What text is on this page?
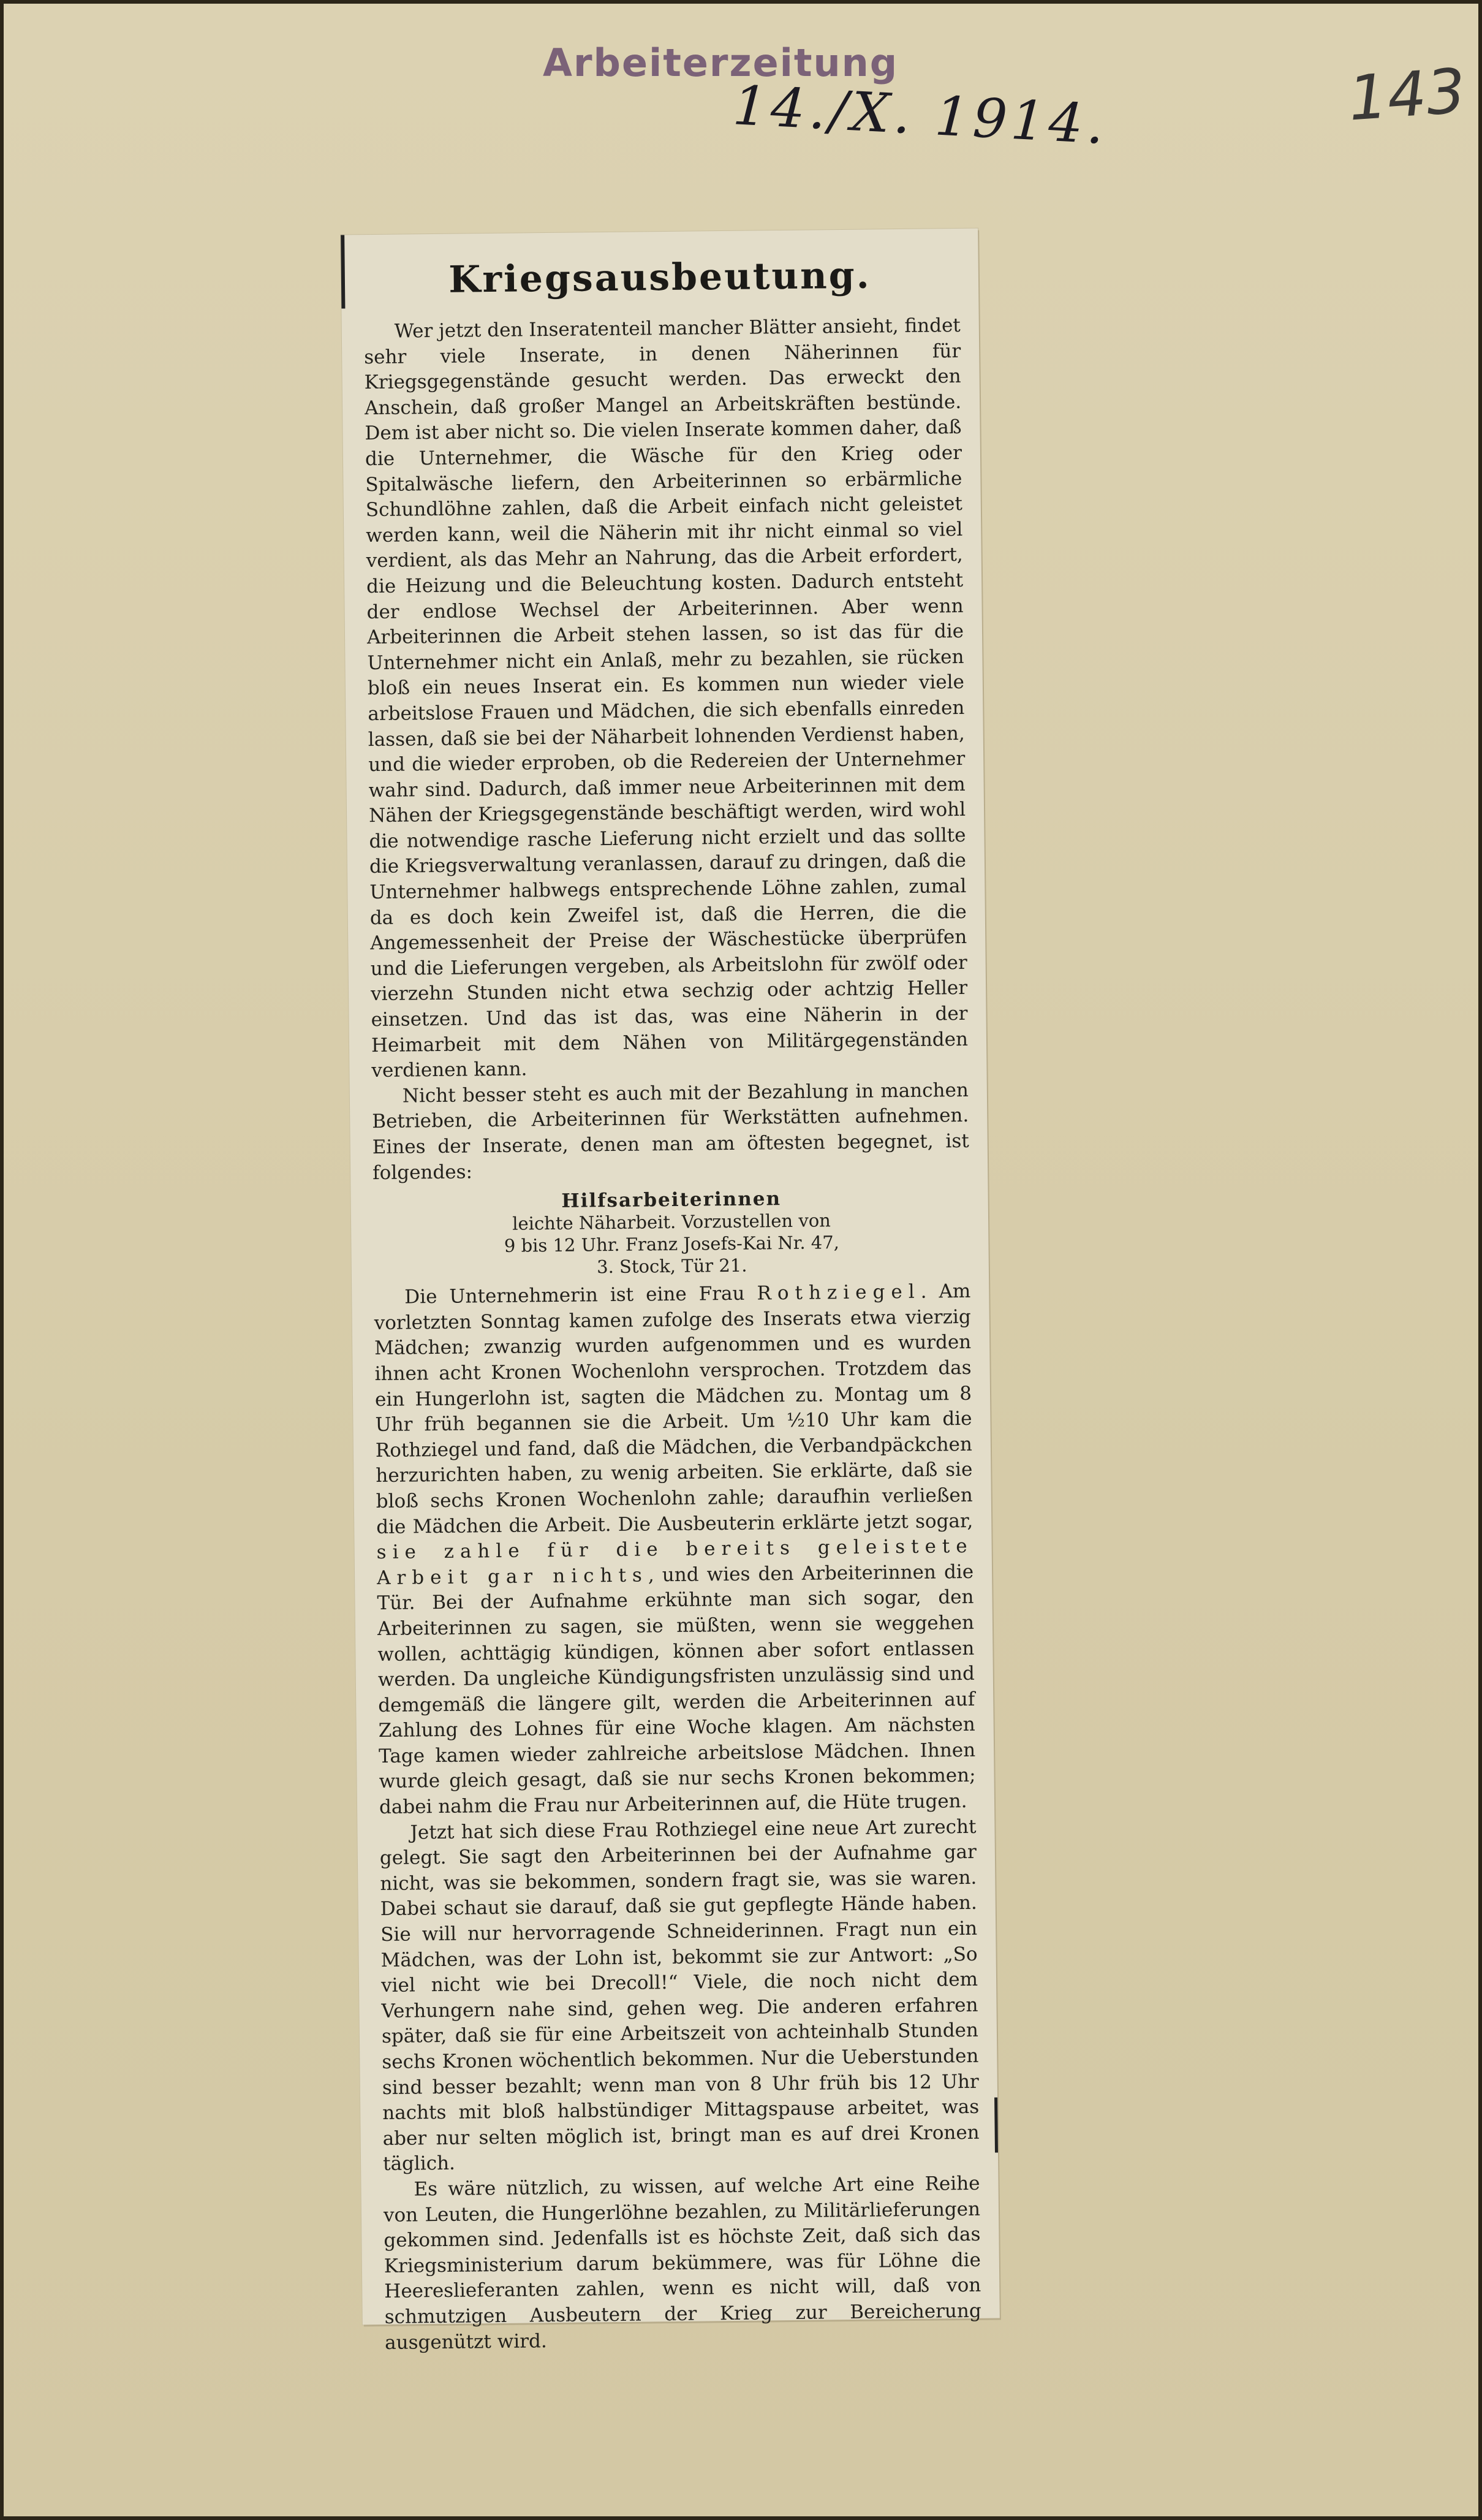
Arbeiterzeitung
14./X. 1914.	143
Kriegsausbeutung.

Wer jetzt den Inseratenteil mancher Blätter ansieht, findet sehr viele Inserate, in denen Näherinnen für Kriegsgegenstände gesucht werden. Das erweckt den Anschein, daß großer Mangel an Arbeitskräften bestünde. Dem ist aber nicht so. Die vielen Inserate kommen daher, daß die Unternehmer, die Wäsche für den Krieg oder Spitalwäsche liefern, den Arbeiterinnen so erbärmliche Schundlöhne zahlen, daß die Arbeit einfach nicht geleistet werden kann, weil die Näherin mit ihr nicht einmal so viel verdient, als das Mehr an Nahrung, das die Arbeit erfordert, die Heizung und die Beleuchtung kosten. Dadurch entsteht der endlose Wechsel der Arbeiterinnen. Aber wenn Arbeiterinnen die Arbeit stehen lassen, so ist das für die Unternehmer nicht ein Anlaß, mehr zu bezahlen, sie rücken bloß ein neues Inserat ein. Es kommen nun wieder viele arbeitslose Frauen und Mädchen, die sich ebenfalls einreden lassen, daß sie bei der Näharbeit lohnenden Verdienst haben, und die wieder erproben, ob die Redereien der Unternehmer wahr sind. Dadurch, daß immer neue Arbeiterinnen mit dem Nähen der Kriegsgegenstände beschäftigt werden, wird wohl die notwendige rasche Lieferung nicht erzielt und das sollte die Kriegsverwaltung veranlassen, darauf zu dringen, daß die Unternehmer halbwegs entsprechende Löhne zahlen, zumal da es doch kein Zweifel ist, daß die Herren, die die Angemessenheit der Preise der Wäschestücke überprüfen und die Lieferungen vergeben, als Arbeitslohn für zwölf oder vierzehn Stunden nicht etwa sechzig oder achtzig Heller einsetzen. Und das ist das, was eine Näherin in der Heimarbeit mit dem Nähen von Militärgegenständen verdienen kann.

Nicht besser steht es auch mit der Bezahlung in manchen Betrieben, die Arbeiterinnen für Werkstätten aufnehmen. Eines der Inserate, denen man am öftesten begegnet, ist folgendes:

Hilfsarbeiterinnen
leichte Näharbeit. Vorzustellen von
9 bis 12 Uhr. Franz Josefs-Kai Nr. 47,
3. Stock, Tür 21.

Die Unternehmerin ist eine Frau Rothziegel. Am vorletzten Sonntag kamen zufolge des Inserats etwa vierzig Mädchen; zwanzig wurden aufgenommen und es wurden ihnen acht Kronen Wochenlohn versprochen. Trotzdem das ein Hungerlohn ist, sagten die Mädchen zu. Montag um 8 Uhr früh begannen sie die Arbeit. Um ½10 Uhr kam die Rothziegel und fand, daß die Mädchen, die Verbandpäckchen herzurichten haben, zu wenig arbeiten. Sie erklärte, daß sie bloß sechs Kronen Wochenlohn zahle; daraufhin verließen die Mädchen die Arbeit. Die Ausbeuterin erklärte jetzt sogar, sie zahle für die bereits geleistete Arbeit gar nichts, und wies den Arbeiterinnen die Tür. Bei der Aufnahme erkühnte man sich sogar, den Arbeiterinnen zu sagen, sie müßten, wenn sie weggehen wollen, achttägig kündigen, können aber sofort entlassen werden. Da ungleiche Kündigungsfristen unzulässig sind und demgemäß die längere gilt, werden die Arbeiterinnen auf Zahlung des Lohnes für eine Woche klagen. Am nächsten Tage kamen wieder zahlreiche arbeitslose Mädchen. Ihnen wurde gleich gesagt, daß sie nur sechs Kronen bekommen; dabei nahm die Frau nur Arbeiterinnen auf, die Hüte trugen.

Jetzt hat sich diese Frau Rothziegel eine neue Art zurecht gelegt. Sie sagt den Arbeiterinnen bei der Aufnahme gar nicht, was sie bekommen, sondern fragt sie, was sie waren. Dabei schaut sie darauf, daß sie gut gepflegte Hände haben. Sie will nur hervorragende Schneiderinnen. Fragt nun ein Mädchen, was der Lohn ist, bekommt sie zur Antwort: „So viel nicht wie bei Drecoll!“ Viele, die noch nicht dem Verhungern nahe sind, gehen weg. Die anderen erfahren später, daß sie für eine Arbeitszeit von achteinhalb Stunden sechs Kronen wöchentlich bekommen. Nur die Ueberstunden sind besser bezahlt; wenn man von 8 Uhr früh bis 12 Uhr nachts mit bloß halbstündiger Mittagspause arbeitet, was aber nur selten möglich ist, bringt man es auf drei Kronen täglich.

Es wäre nützlich, zu wissen, auf welche Art eine Reihe von Leuten, die Hungerlöhne bezahlen, zu Militärlieferungen gekommen sind. Jedenfalls ist es höchste Zeit, daß sich das Kriegsministerium darum bekümmere, was für Löhne die Heereslieferanten zahlen, wenn es nicht will, daß von schmutzigen Ausbeutern der Krieg zur Bereicherung ausgenützt wird.
